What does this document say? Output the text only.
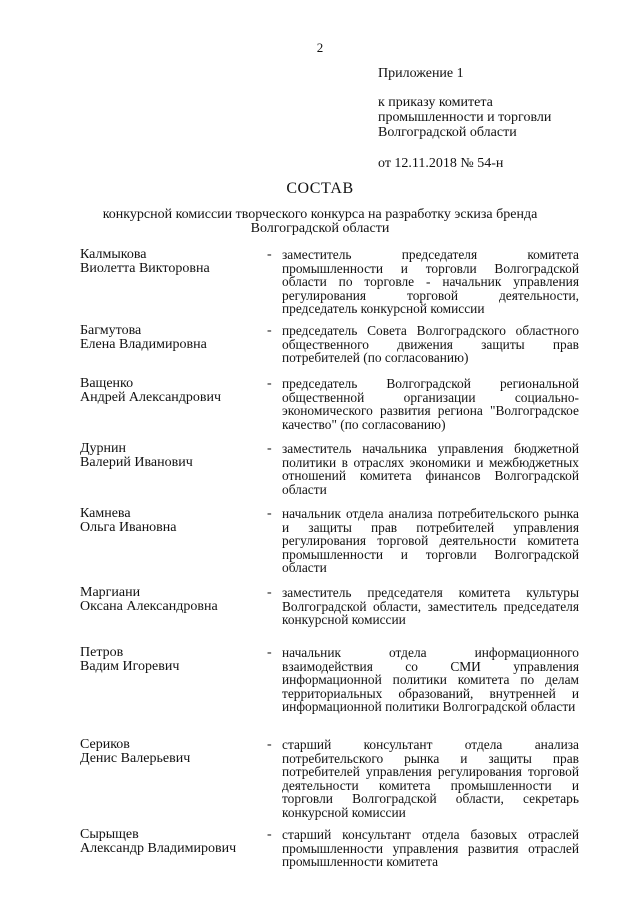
2
Приложение 1
к приказу комитета
промышленности и торговли
Волгоградской области
от 12.11.2018 № 54-н
СОСТАВ
конкурсной комиссии творческого конкурса на разработку эскиза бренда Волгоградской области
Калмыкова
Виолетта Викторовна
- заместитель председателя комитета промышленности и торговли Волгоградской области по торговле - начальник управления регулирования торговой деятельности, председатель конкурсной комиссии
Багмутова
Елена Владимировна
- председатель Совета Волгоградского областного общественного движения защиты прав потребителей (по согласованию)
Ващенко
Андрей Александрович
- председатель Волгоградской региональной общественной организации социально-экономического развития региона "Волгоградское качество" (по согласованию)
Дурнин
Валерий Иванович
- заместитель начальника управления бюджетной политики в отраслях экономики и межбюджетных отношений комитета финансов Волгоградской области
Камнева
Ольга Ивановна
- начальник отдела анализа потребительского рынка и защиты прав потребителей управления регулирования торговой деятельности комитета промышленности и торговли Волгоградской области
Маргиани
Оксана Александровна
- заместитель председателя комитета культуры Волгоградской области, заместитель председателя конкурсной комиссии
Петров
Вадим Игоревич
- начальник отдела информационного взаимодействия со СМИ управления информационной политики комитета по делам территориальных образований, внутренней и информационной политики Волгоградской области
Сериков
Денис Валерьевич
- старший консультант отдела анализа потребительского рынка и защиты прав потребителей управления регулирования торговой деятельности комитета промышленности и торговли Волгоградской области, секретарь конкурсной комиссии
Сырыщев
Александр Владимирович
- старший консультант отдела базовых отраслей промышленности управления развития отраслей промышленности комитета
